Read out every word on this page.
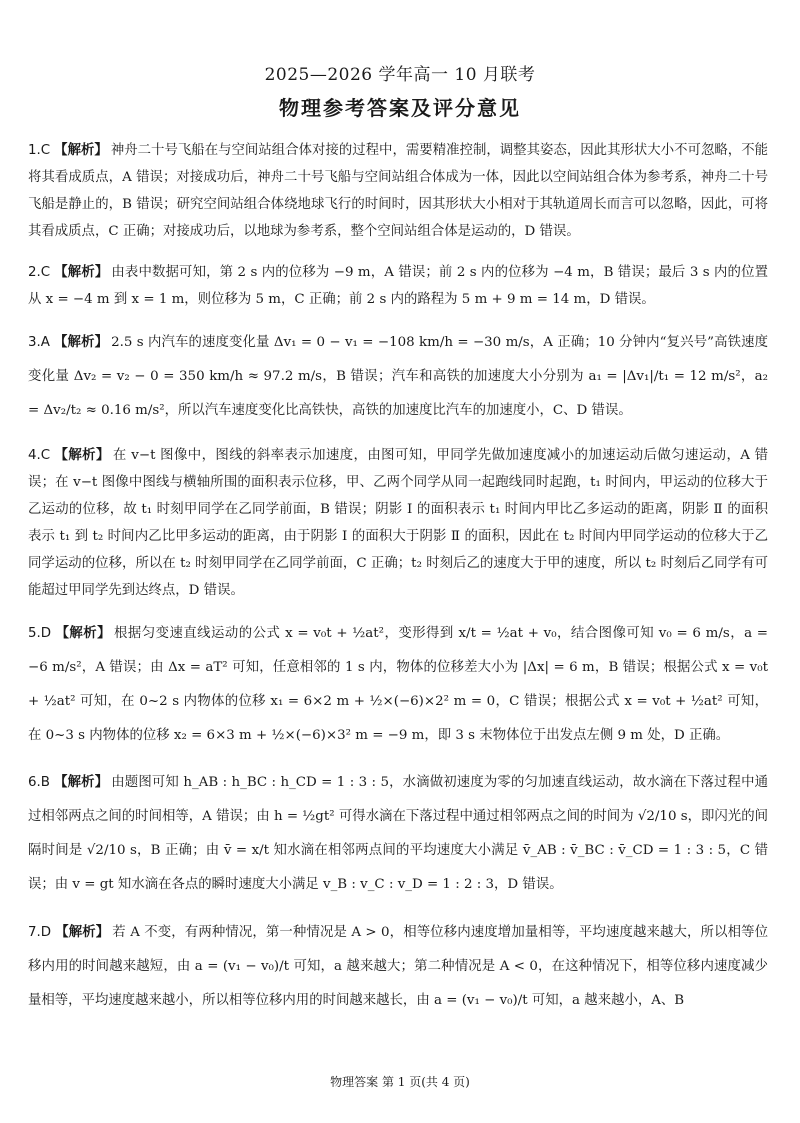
2025—2026 学年高一 10 月联考
物理参考答案及评分意见

1.C 【解析】 神舟二十号飞船在与空间站组合体对接的过程中，需要精准控制，调整其姿态，因此其形状大小不可忽略，不能将其看成质点，A 错误；对接成功后，神舟二十号飞船与空间站组合体成为一体，因此以空间站组合体为参考系，神舟二十号飞船是静止的，B 错误；研究空间站组合体绕地球飞行的时间时，因其形状大小相对于其轨道周长而言可以忽略，因此，可将其看成质点，C 正确；对接成功后，以地球为参考系，整个空间站组合体是运动的，D 错误。

2.C 【解析】 由表中数据可知，第 2 s 内的位移为 −9 m，A 错误；前 2 s 内的位移为 −4 m，B 错误；最后 3 s 内的位置从 x = −4 m 到 x = 1 m，则位移为 5 m，C 正确；前 2 s 内的路程为 5 m + 9 m = 14 m，D 错误。

3.A 【解析】 2.5 s 内汽车的速度变化量 Δv₁ = 0 − v₁ = −108 km/h = −30 m/s，A 正确；10 分钟内“复兴号”高铁速度变化量 Δv₂ = v₂ − 0 = 350 km/h ≈ 97.2 m/s，B 错误；汽车和高铁的加速度大小分别为 a₁ = |Δv₁|/t₁ = 12 m/s²，a₂ = Δv₂/t₂ ≈ 0.16 m/s²，所以汽车速度变化比高铁快，高铁的加速度比汽车的加速度小，C、D 错误。

4.C 【解析】 在 v−t 图像中，图线的斜率表示加速度，由图可知，甲同学先做加速度减小的加速运动后做匀速运动，A 错误；在 v−t 图像中图线与横轴所围的面积表示位移，甲、乙两个同学从同一起跑线同时起跑，t₁ 时间内，甲运动的位移大于乙运动的位移，故 t₁ 时刻甲同学在乙同学前面，B 错误；阴影 Ⅰ 的面积表示 t₁ 时间内甲比乙多运动的距离，阴影 Ⅱ 的面积表示 t₁ 到 t₂ 时间内乙比甲多运动的距离，由于阴影 Ⅰ 的面积大于阴影 Ⅱ 的面积，因此在 t₂ 时间内甲同学运动的位移大于乙同学运动的位移，所以在 t₂ 时刻甲同学在乙同学前面，C 正确；t₂ 时刻后乙的速度大于甲的速度，所以 t₂ 时刻后乙同学有可能超过甲同学先到达终点，D 错误。

5.D 【解析】 根据匀变速直线运动的公式 x = v₀t + ½at²，变形得到 x/t = ½at + v₀，结合图像可知 v₀ = 6 m/s，a = −6 m/s²，A 错误；由 Δx = aT² 可知，任意相邻的 1 s 内，物体的位移差大小为 |Δx| = 6 m，B 错误；根据公式 x = v₀t + ½at² 可知，在 0~2 s 内物体的位移 x₁ = 6×2 m + ½×(−6)×2² m = 0，C 错误；根据公式 x = v₀t + ½at² 可知，在 0~3 s 内物体的位移 x₂ = 6×3 m + ½×(−6)×3² m = −9 m，即 3 s 末物体位于出发点左侧 9 m 处，D 正确。

6.B 【解析】 由题图可知 h_AB : h_BC : h_CD = 1 : 3 : 5，水滴做初速度为零的匀加速直线运动，故水滴在下落过程中通过相邻两点之间的时间相等，A 错误；由 h = ½gt² 可得水滴在下落过程中通过相邻两点之间的时间为 √2/10 s，即闪光的间隔时间是 √2/10 s，B 正确；由 v̄ = x/t 知水滴在相邻两点间的平均速度大小满足 v̄_AB : v̄_BC : v̄_CD = 1 : 3 : 5，C 错误；由 v = gt 知水滴在各点的瞬时速度大小满足 v_B : v_C : v_D = 1 : 2 : 3，D 错误。

7.D 【解析】 若 A 不变，有两种情况，第一种情况是 A > 0，相等位移内速度增加量相等，平均速度越来越大，所以相等位移内用的时间越来越短，由 a = (v₁ − v₀)/t 可知，a 越来越大；第二种情况是 A < 0，在这种情况下，相等位移内速度减少量相等，平均速度越来越小，所以相等位移内用的时间越来越长，由 a = (v₁ − v₀)/t 可知，a 越来越小，A、B

物理答案 第 1 页(共 4 页)
